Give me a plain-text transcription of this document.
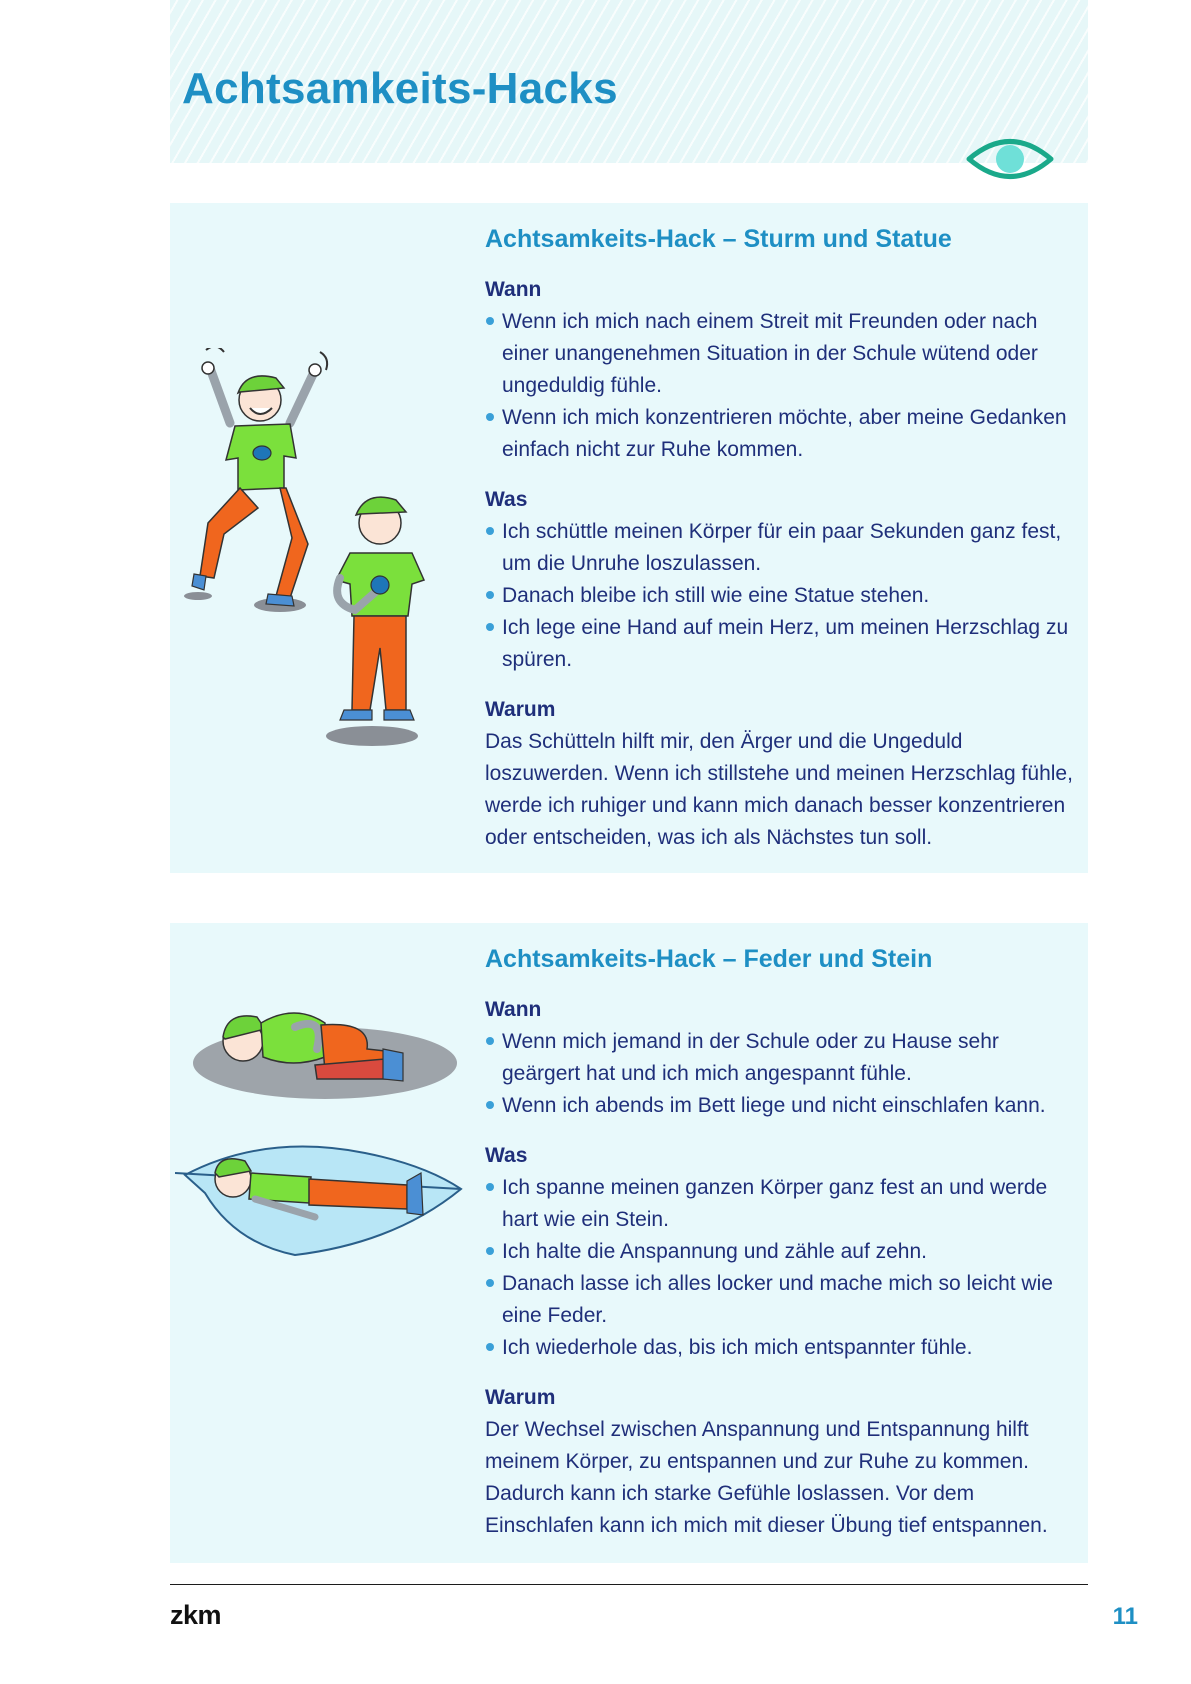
Achtsamkeits-Hacks
Achtsamkeits-Hack – Sturm und Statue
Wann
Wenn ich mich nach einem Streit mit Freunden oder nach einer unangenehmen Situation in der Schule wütend oder ungeduldig fühle.
Wenn ich mich konzentrieren möchte, aber meine Gedanken einfach nicht zur Ruhe kommen.
Was
Ich schüttle meinen Körper für ein paar Sekunden ganz fest, um die Unruhe loszulassen.
Danach bleibe ich still wie eine Statue stehen.
Ich lege eine Hand auf mein Herz, um meinen Herzschlag zu spüren.
Warum

Das Schütteln hilft mir, den Ärger und die Ungeduld loszuwerden. Wenn ich stillstehe und meinen Herzschlag fühle, werde ich ruhiger und kann mich danach besser konzentrieren oder entscheiden, was ich als Nächstes tun soll.

Achtsamkeits-Hack – Feder und Stein
Wann
Wenn mich jemand in der Schule oder zu Hause sehr geärgert hat und ich mich angespannt fühle.
Wenn ich abends im Bett liege und nicht einschlafen kann.
Was
Ich spanne meinen ganzen Körper ganz fest an und werde hart wie ein Stein.
Ich halte die Anspannung und zähle auf zehn.
Danach lasse ich alles locker und mache mich so leicht wie eine Feder.
Ich wiederhole das, bis ich mich entspannter fühle.
Warum

Der Wechsel zwischen Anspannung und Entspannung hilft meinem Körper, zu entspannen und zur Ruhe zu kommen. Dadurch kann ich starke Gefühle loslassen. Vor dem Einschlafen kann ich mich mit dieser Übung tief entspannen.

zkm	11
